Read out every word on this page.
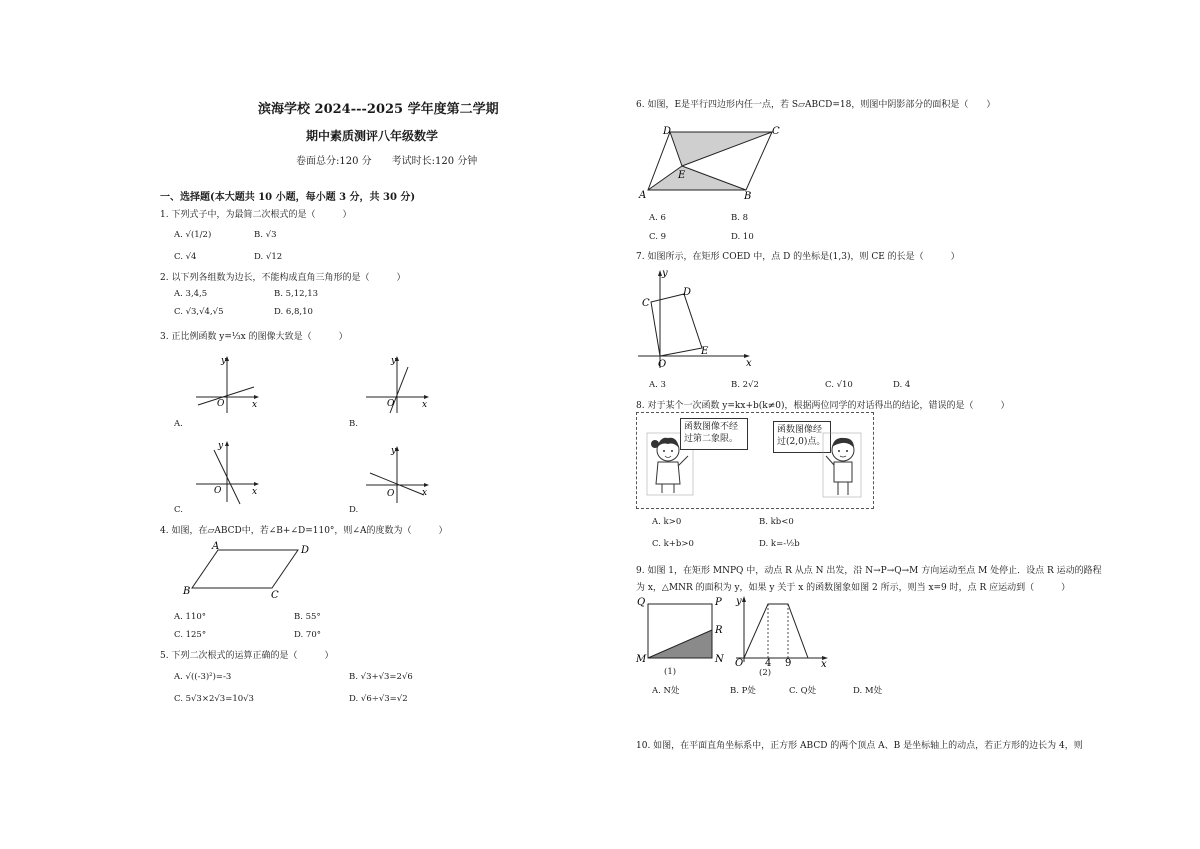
滨海学校 2024---2025 学年度第二学期
期中素质测评八年级数学
卷面总分:120 分　　考试时长:120 分钟
一、选择题(本大题共 10 小题，每小题 3 分，共 30 分)
1. 下列式子中，为最简二次根式的是（　　　）
A. √(1/2)	B. √3
C. √4	D. √12
2. 以下列各组数为边长，不能构成直角三角形的是（　　　）
A. 3,4,5	B. 5,12,13
C. √3,√4,√5	D. 6,8,10
3. 正比例函数 y=⅓x 的图像大致是（　　　）
y
x
O
A.
y
x
O
B.
y
x
O
C.
y
x
O
D.
4. 如图，在▱ABCD中，若∠B+∠D=110°，则∠A的度数为（　　　）
A	D
B	C
A. 110°	B. 55°
C. 125°	D. 70°
5. 下列二次根式的运算正确的是（　　　）
A. √((-3)²)=-3	B. √3+√3=2√6
C. 5√3×2√3=10√3	D. √6÷√3=√2
6. 如图，E是平行四边形内任一点，若 S▱ABCD=18，则图中阴影部分的面积是（　　）
D	C
A	B
E
A. 6	B. 8
C. 9	D. 10
7. 如图所示，在矩形 COED 中，点 D 的坐标是(1,3)，则 CE 的长是（　　　）
y
x
O
C
D
E
A. 3	B. 2√2	C. √10	D. 4
8. 对于某个一次函数 y=kx+b(k≠0)，根据两位同学的对话得出的结论，错误的是（　　　）
函数图像不经过第二象限。
函数图像经过(2,0)点。
A. k>0	B. kb<0
C. k+b>0	D. k=-½b
9. 如图 1，在矩形 MNPQ 中，动点 R 从点 N 出发，沿 N→P→Q→M 方向运动至点 M 处停止．设点 R 运动的路程
为 x，△MNR 的面积为 y，如果 y 关于 x 的函数图象如图 2 所示，则当 x=9 时，点 R 应运动到（　　　）
Q	P
R
M	N
(1)
y
x
O 4 9
(2)
A. N处	B. P处	C. Q处	D. M处
10. 如图，在平面直角坐标系中，正方形 ABCD 的两个顶点 A、B 是坐标轴上的动点，若正方形的边长为 4，则
